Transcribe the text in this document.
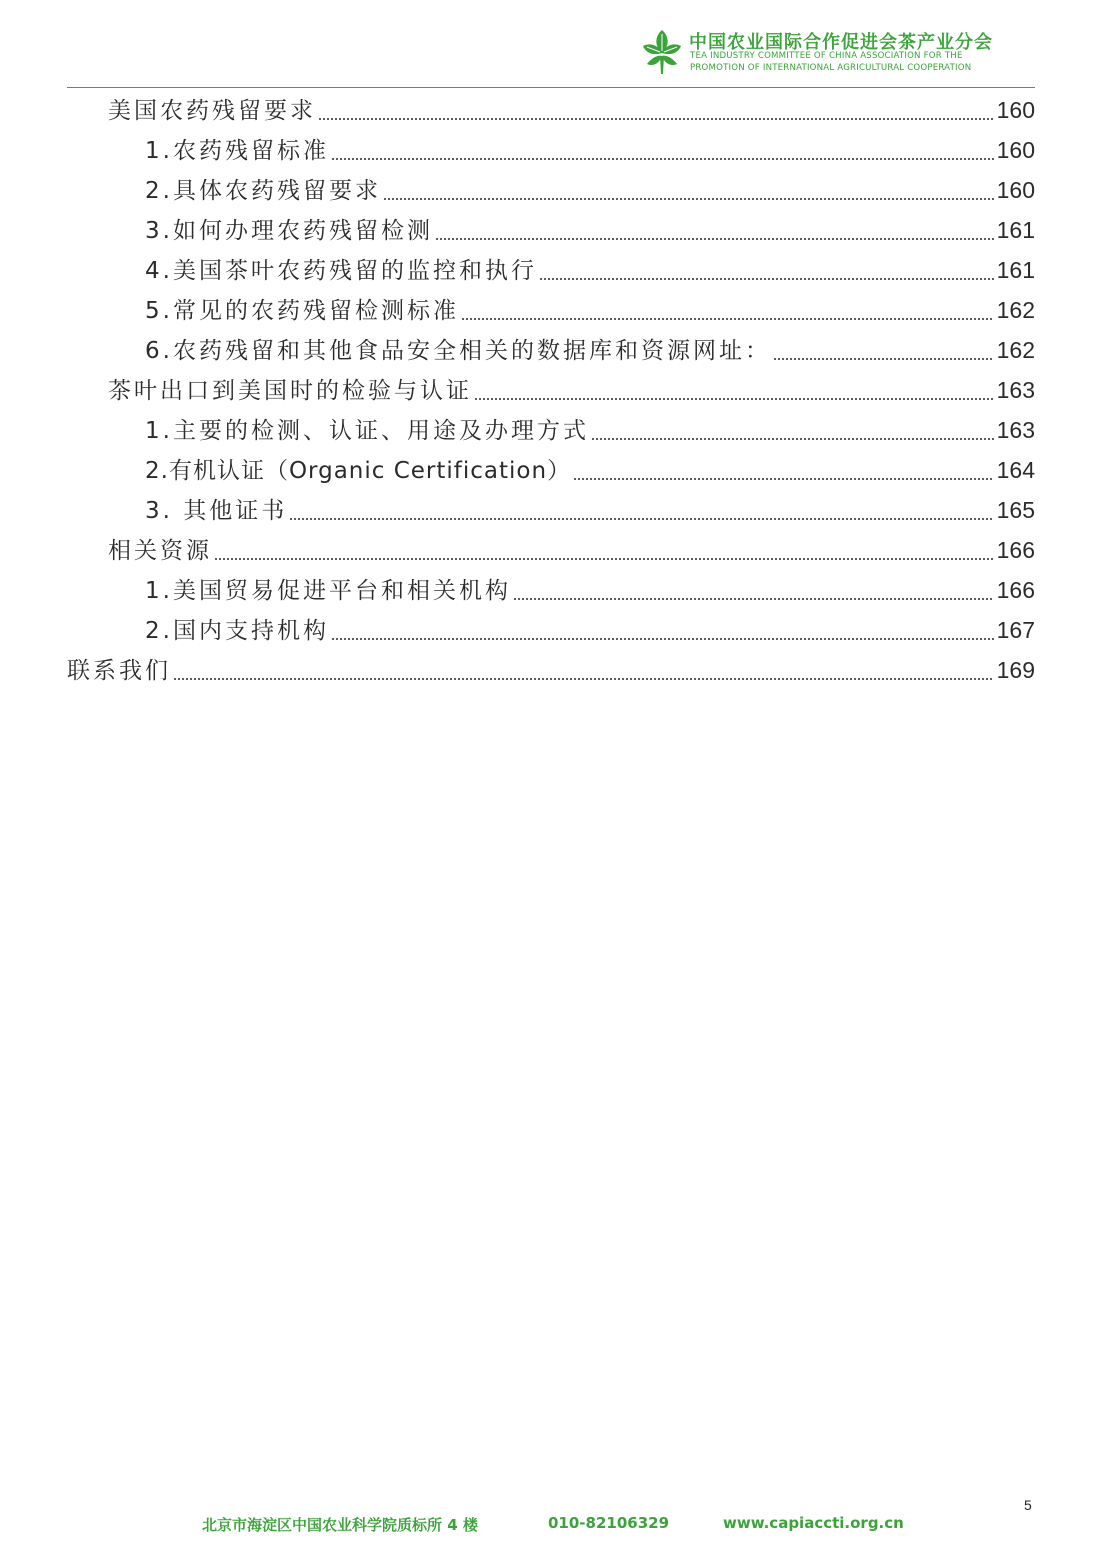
中国农业国际合作促进会茶产业分会
TEA INDUSTRY COMMITTEE OF CHINA ASSOCIATION FOR THE
PROMOTION OF INTERNATIONAL AGRICULTURAL COOPERATION
美国农药残留要求	160
1.农药残留标准	160
2.具体农药残留要求	160
3.如何办理农药残留检测	161
4.美国茶叶农药残留的监控和执行	161
5.常见的农药残留检测标准	162
6.农药残留和其他食品安全相关的数据库和资源网址：	162
茶叶出口到美国时的检验与认证	163
1.主要的检测、认证、用途及办理方式	163
2.有机认证（Organic Certification）	164
3. 其他证书	165
相关资源	166
1.美国贸易促进平台和相关机构	166
2.国内支持机构	167
联系我们	169
5
北京市海淀区中国农业科学院质标所 4 楼	010-82106329	www.capiaccti.org.cn
